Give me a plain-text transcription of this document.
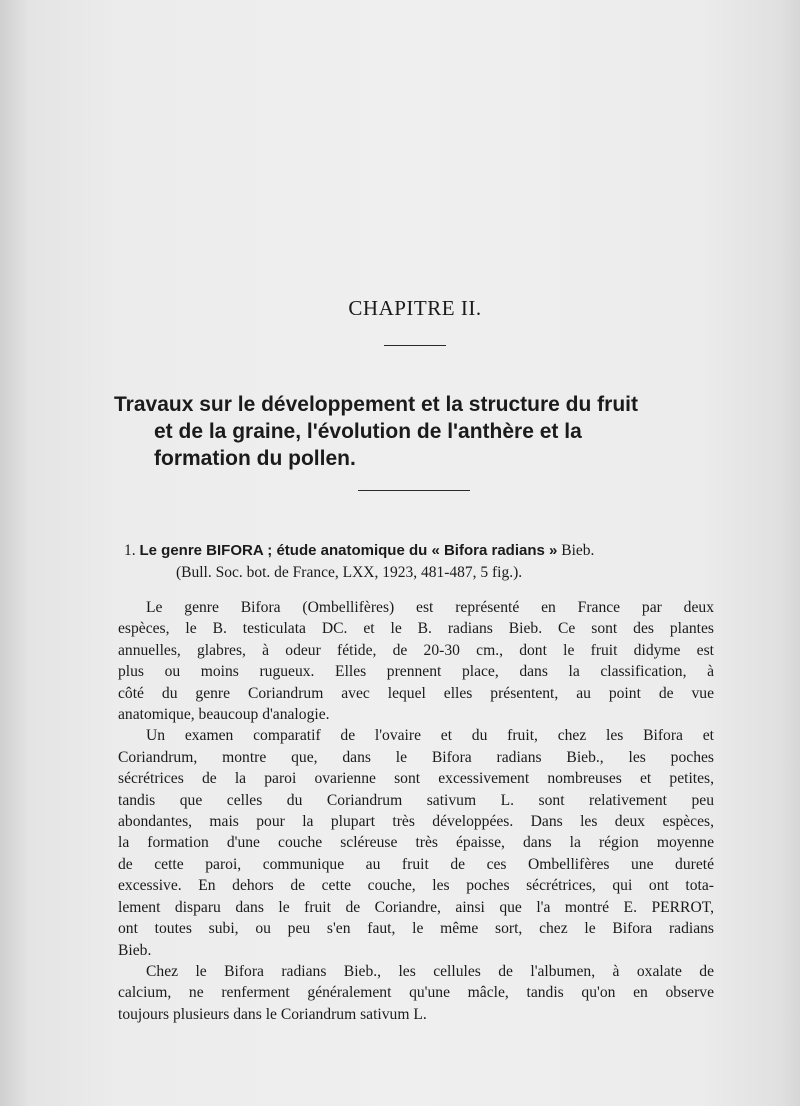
CHAPITRE II.
Travaux sur le développement et la structure du fruit
et de la graine, l'évolution de l'anthère et la
formation du pollen.
1. Le genre BIFORA ; étude anatomique du « Bifora radians » Bieb.
(Bull. Soc. bot. de France, LXX, 1923, 481-487, 5 fig.).
Le genre Bifora (Ombellifères) est représenté en France par deux
espèces, le B. testiculata DC. et le B. radians Bieb. Ce sont des plantes
annuelles, glabres, à odeur fétide, de 20-30 cm., dont le fruit didyme est
plus ou moins rugueux. Elles prennent place, dans la classification, à
côté du genre Coriandrum avec lequel elles présentent, au point de vue
anatomique, beaucoup d'analogie.
Un examen comparatif de l'ovaire et du fruit, chez les Bifora et
Coriandrum, montre que, dans le Bifora radians Bieb., les poches
sécrétrices de la paroi ovarienne sont excessivement nombreuses et petites,
tandis que celles du Coriandrum sativum L. sont relativement peu
abondantes, mais pour la plupart très développées. Dans les deux espèces,
la formation d'une couche scléreuse très épaisse, dans la région moyenne
de cette paroi, communique au fruit de ces Ombellifères une dureté
excessive. En dehors de cette couche, les poches sécrétrices, qui ont tota-
lement disparu dans le fruit de Coriandre, ainsi que l'a montré E. PERROT,
ont toutes subi, ou peu s'en faut, le même sort, chez le Bifora radians
Bieb.
Chez le Bifora radians Bieb., les cellules de l'albumen, à oxalate de
calcium, ne renferment généralement qu'une mâcle, tandis qu'on en observe
toujours plusieurs dans le Coriandrum sativum L.
